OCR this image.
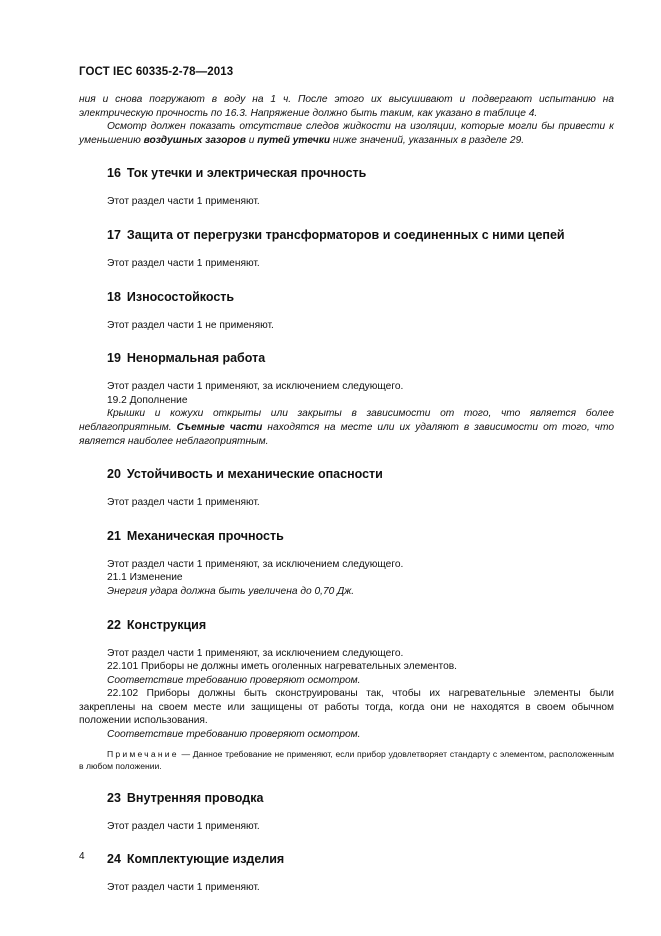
ГОСТ IEC 60335-2-78—2013

ния и снова погружают в воду на 1 ч. После этого их высушивают и подвергают испытанию на электрическую прочность по 16.3. Напряжение должно быть таким, как указано в таблице 4.

Осмотр должен показать отсутствие следов жидкости на изоляции, которые могли бы привести к уменьшению воздушных зазоров и путей утечки ниже значений, указанных в разделе 29.

16 Ток утечки и электрическая прочность

Этот раздел части 1 применяют.

17 Защита от перегрузки трансформаторов и соединенных с ними цепей

Этот раздел части 1 применяют.

18 Износостойкость

Этот раздел части 1 не применяют.

19 Ненормальная работа

Этот раздел части 1 применяют, за исключением следующего.

19.2 Дополнение

Крышки и кожухи открыты или закрыты в зависимости от того, что является более неблагоприятным. Съемные части находятся на месте или их удаляют в зависимости от того, что является наиболее неблагоприятным.

20 Устойчивость и механические опасности

Этот раздел части 1 применяют.

21 Механическая прочность

Этот раздел части 1 применяют, за исключением следующего.

21.1 Изменение

Энергия удара должна быть увеличена до 0,70 Дж.

22 Конструкция

Этот раздел части 1 применяют, за исключением следующего.

22.101 Приборы не должны иметь оголенных нагревательных элементов.

Соответствие требованию проверяют осмотром.

22.102 Приборы должны быть сконструированы так, чтобы их нагревательные элементы были закреплены на своем месте или защищены от работы тогда, когда они не находятся в своем обычном положении использования.

Соответствие требованию проверяют осмотром.

Примечание — Данное требование не применяют, если прибор удовлетворяет стандарту с элементом, расположенным в любом положении.

23 Внутренняя проводка

Этот раздел части 1 применяют.

24 Комплектующие изделия

Этот раздел части 1 применяют.

4
